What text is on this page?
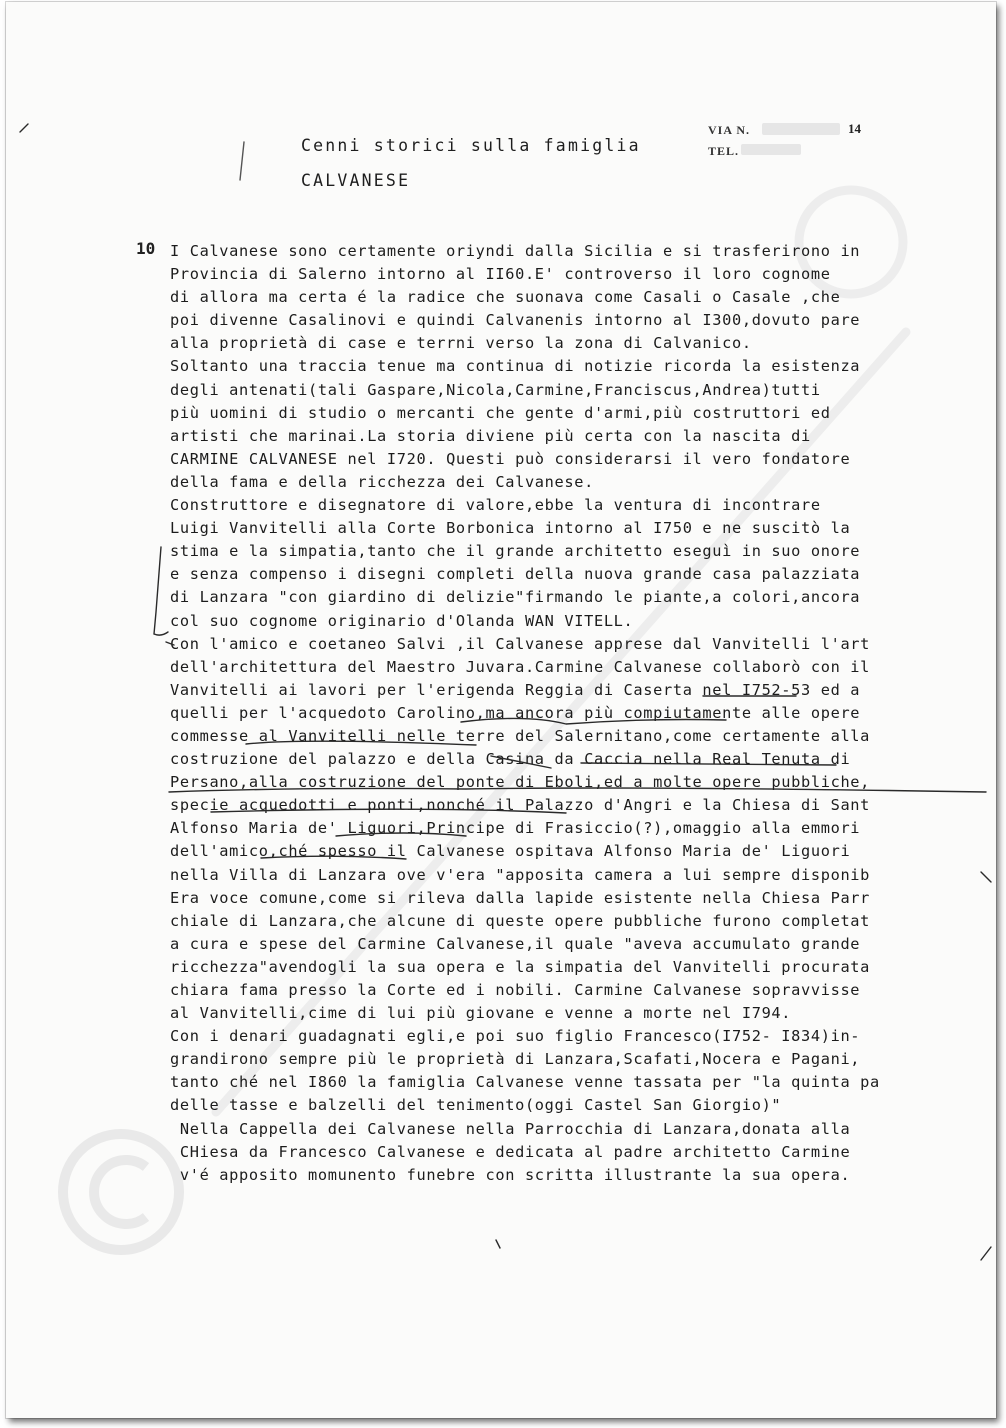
Cenni storici sulla famiglia
CALVANESE
VIA N.	14
TEL.
10 I Calvanese sono certamente oriyndi dalla Sicilia e si trasferirono in
Provincia di Salerno intorno al II60.E' controverso il loro cognome
di allora ma certa é la radice che suonava come Casali o Casale ,che
poi divenne Casalinovi e quindi Calvanenis intorno al I300,dovuto pare
alla proprietà di case e terrni verso la zona di Calvanico.
Soltanto una traccia tenue ma continua di notizie ricorda la esistenza
degli antenati(tali Gaspare,Nicola,Carmine,Franciscus,Andrea)tutti
più uomini di studio o mercanti che gente d'armi,più costruttori ed
artisti che marinai.La storia diviene più certa con la nascita di
CARMINE CALVANESE nel I720. Questi può considerarsi il vero fondatore
della fama e della ricchezza dei Calvanese.
Construttore e disegnatore di valore,ebbe la ventura di incontrare
Luigi Vanvitelli alla Corte Borbonica intorno al I750 e ne suscitò la
stima e la simpatia,tanto che il grande architetto eseguì in suo onore
e senza compenso i disegni completi della nuova grande casa palazziata
di Lanzara "con giardino di delizie"firmando le piante,a colori,ancora
col suo cognome originario d'Olanda WAN VITELL.
Con l'amico e coetaneo Salvi ,il Calvanese apprese dal Vanvitelli l'art
dell'architettura del Maestro Juvara.Carmine Calvanese collaborò con il
Vanvitelli ai lavori per l'erigenda Reggia di Caserta nel I752-53 ed a
quelli per l'acquedoto Carolino,ma ancora più compiutamente alle opere
commesse al Vanvitelli nelle terre del Salernitano,come certamente alla
costruzione del palazzo e della Casina da Caccia nella Real Tenuta di
Persano,alla costruzione del ponte di Eboli,ed a molte opere pubbliche,
specie acquedotti e ponti,nonché il Palazzo d'Angri e la Chiesa di Sant
Alfonso Maria de' Liguori,Principe di Frasiccio(?),omaggio alla emmori
dell'amico,ché spesso il Calvanese ospitava Alfonso Maria de' Liguori
nella Villa di Lanzara ove v'era "apposita camera a lui sempre disponib
Era voce comune,come si rileva dalla lapide esistente nella Chiesa Parr
chiale di Lanzara,che alcune di queste opere pubbliche furono completat
a cura e spese del Carmine Calvanese,il quale "aveva accumulato grande
ricchezza"avendogli la sua opera e la simpatia del Vanvitelli procurata
chiara fama presso la Corte ed i nobili. Carmine Calvanese sopravvisse
al Vanvitelli,cime di lui più giovane e venne a morte nel I794.
Con i denari guadagnati egli,e poi suo figlio Francesco(I752- I834)in-
grandirono sempre più le proprietà di Lanzara,Scafati,Nocera e Pagani,
tanto ché nel I860 la famiglia Calvanese venne tassata per "la quinta pa
delle tasse e balzelli del tenimento(oggi Castel San Giorgio)"
Nella Cappella dei Calvanese nella Parrocchia di Lanzara,donata alla
CHiesa da Francesco Calvanese e dedicata al padre architetto Carmine
v'é apposito momunento funebre con scritta illustrante la sua opera.
